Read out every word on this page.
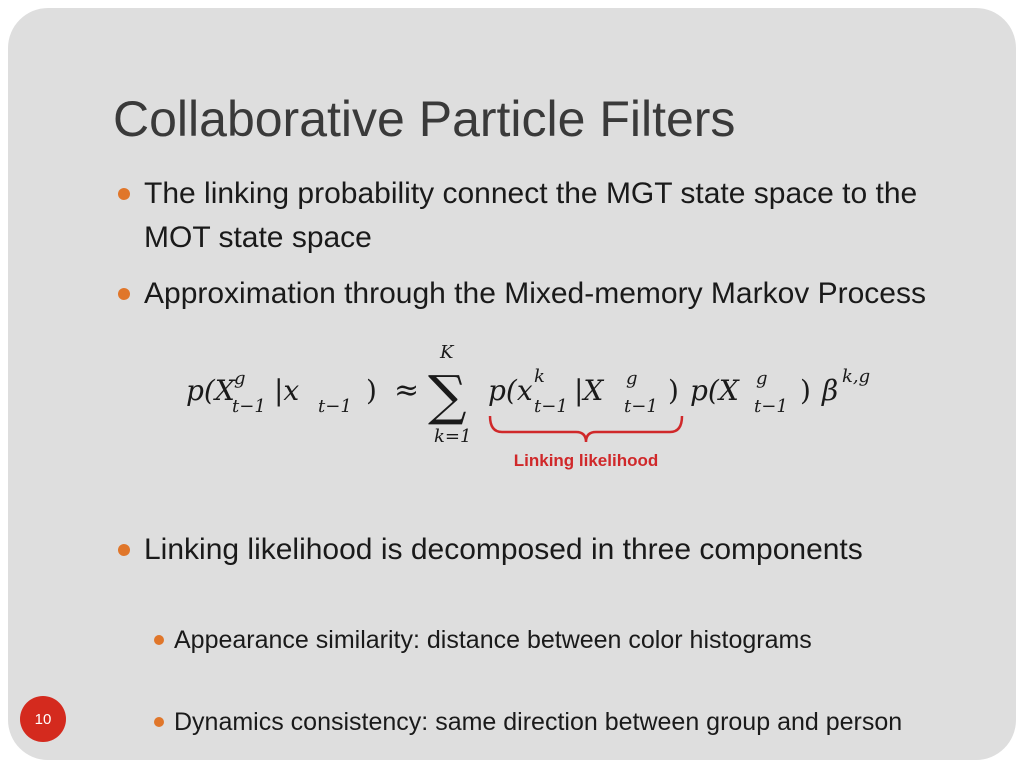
Collaborative Particle Filters
The linking probability connect the MGT state space to the MOT state space
Approximation through the Mixed-memory Markov Process
p(X g
t−1 |x t−1 ) ≈
K
∑
k=1
p(x k
t−1 |X g
t−1 ) p(X g
t−1 ) β k,g
Linking likelihood
Linking likelihood is decomposed in three components
Appearance similarity: distance between color histograms
Dynamics consistency: same direction between group and person
10
